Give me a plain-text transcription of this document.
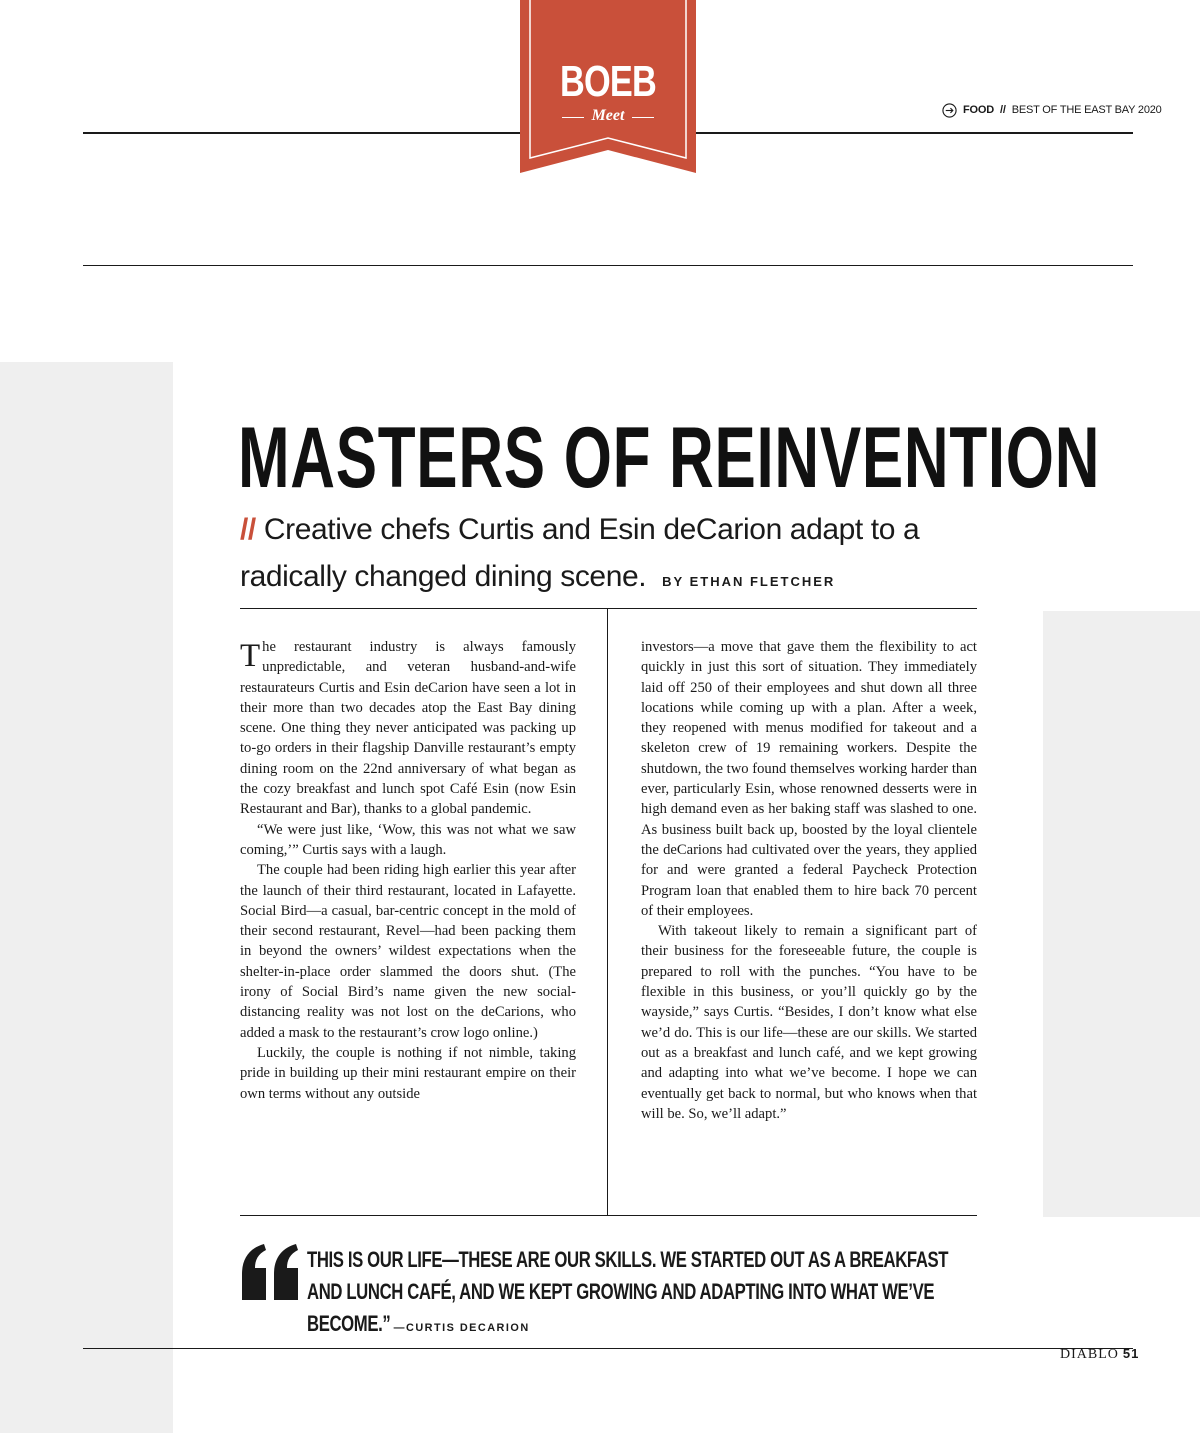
BOEB
Meet	FOOD // BEST OF THE EAST BAY 2020
MASTERS OF REINVENTION
// Creative chefs Curtis and Esin deCarion adapt to a radically changed dining scene. BY ETHAN FLETCHER

The restaurant industry is always famously unpredictable, and veteran husband-and-wife restaurateurs Curtis and Esin deCarion have seen a lot in their more than two decades atop the East Bay dining scene. One thing they never anticipated was packing up to-go orders in their flagship Danville restaurant’s empty dining room on the 22nd anniversary of what began as the cozy breakfast and lunch spot Café Esin (now Esin Restaurant and Bar), thanks to a global pandemic.

“We were just like, ‘Wow, this was not what we saw coming,’” Curtis says with a laugh.

The couple had been riding high earlier this year after the launch of their third restaurant, located in Lafayette. Social Bird—a casual, bar-centric concept in the mold of their second restaurant, Revel—had been packing them in beyond the owners’ wildest expectations when the shelter-in-place order slammed the doors shut. (The irony of Social Bird’s name given the new social-distancing reality was not lost on the deCarions, who added a mask to the restaurant’s crow logo online.)

Luckily, the couple is nothing if not nimble, taking pride in building up their mini restaurant empire on their own terms without any outside

investors—a move that gave them the flexibility to act quickly in just this sort of situation. They immediately laid off 250 of their employees and shut down all three locations while coming up with a plan. After a week, they reopened with menus modified for takeout and a skeleton crew of 19 remaining workers. Despite the shutdown, the two found themselves working harder than ever, particularly Esin, whose renowned desserts were in high demand even as her baking staff was slashed to one. As business built back up, boosted by the loyal clientele the deCarions had cultivated over the years, they applied for and were granted a federal Paycheck Protection Program loan that enabled them to hire back 70 percent of their employees.

With takeout likely to remain a significant part of their business for the foreseeable future, the couple is prepared to roll with the punches. “You have to be flexible in this business, or you’ll quickly go by the wayside,” says Curtis. “Besides, I don’t know what else we’d do. This is our life—these are our skills. We started out as a breakfast and lunch café, and we kept growing and adapting into what we’ve become. I hope we can eventually get back to normal, but who knows when that will be. So, we’ll adapt.”

THIS IS OUR LIFE—THESE ARE OUR SKILLS. WE STARTED OUT AS A BREAKFAST AND LUNCH CAFÉ, AND WE KEPT GROWING AND ADAPTING INTO WHAT WE’VE BECOME.” —CURTIS DECARION
DIABLO 51
